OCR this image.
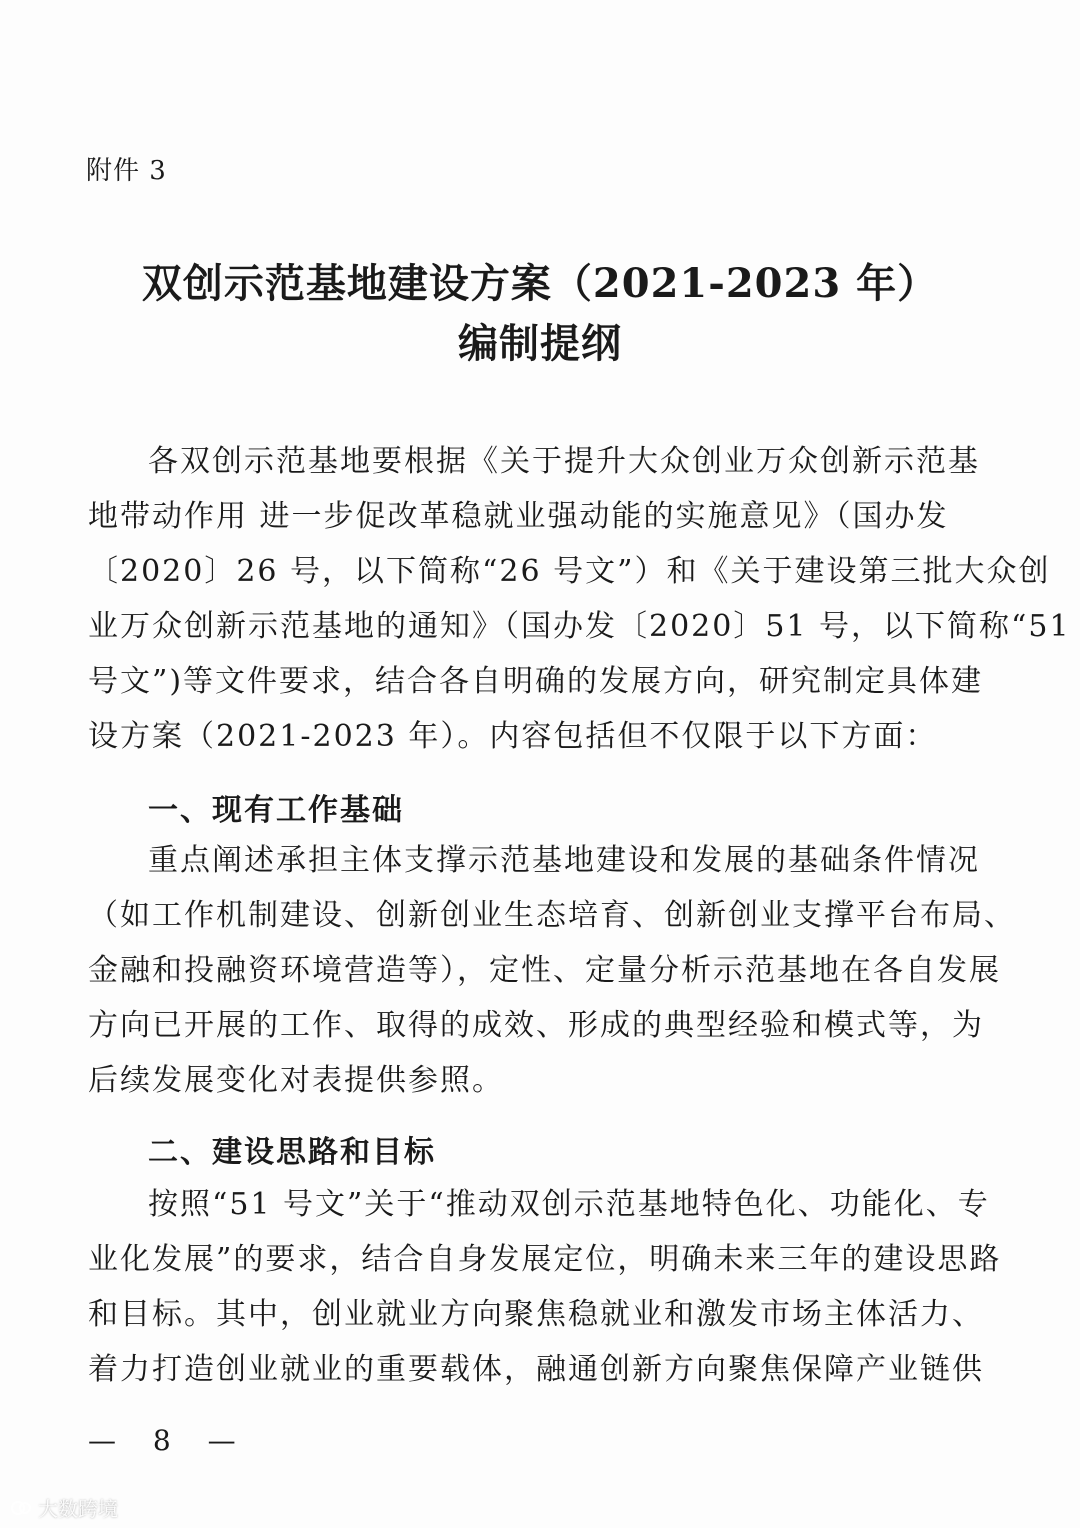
附件 3
双创示范基地建设方案（2021-2023 年）
编制提纲
各双创示范基地要根据《关于提升大众创业万众创新示范基
地带动作用 进一步促改革稳就业强动能的实施意见》（国办发
〔2020〕26 号，以下简称“26 号文”）和《关于建设第三批大众创
业万众创新示范基地的通知》（国办发〔2020〕51 号，以下简称“51
号文”)等文件要求，结合各自明确的发展方向，研究制定具体建
设方案（2021-2023 年）。内容包括但不仅限于以下方面：
一、现有工作基础
重点阐述承担主体支撑示范基地建设和发展的基础条件情况
（如工作机制建设、创新创业生态培育、创新创业支撑平台布局、
金融和投融资环境营造等），定性、定量分析示范基地在各自发展
方向已开展的工作、取得的成效、形成的典型经验和模式等，为
后续发展变化对表提供参照。
二、建设思路和目标
按照“51 号文”关于“推动双创示范基地特色化、功能化、专
业化发展”的要求，结合自身发展定位，明确未来三年的建设思路
和目标。其中，创业就业方向聚焦稳就业和激发市场主体活力、
着力打造创业就业的重要载体，融通创新方向聚焦保障产业链供
— 8 —
大数跨境
